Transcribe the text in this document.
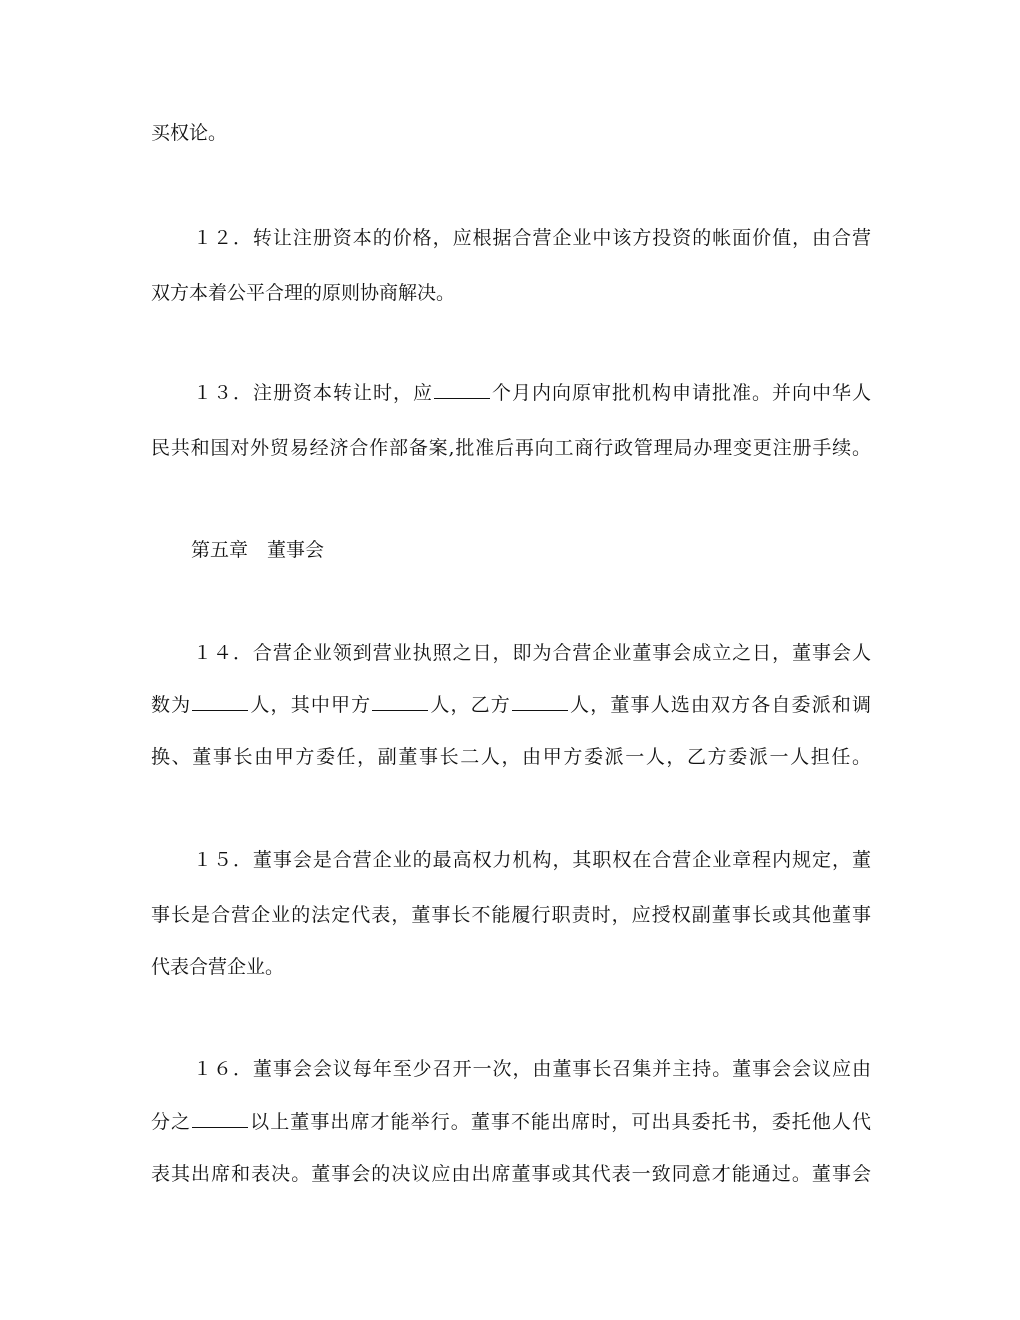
买权论。
１２．转让注册资本的价格，应根据合营企业中该方投资的帐面价值，由合营
双方本着公平合理的原则协商解决。
１３．注册资本转让时，应	个月内向原审批机构申请批准。并向中华人
民共和国对外贸易经济合作部备案,批准后再向工商行政管理局办理变更注册手续。
第五章　董事会
１４．合营企业领到营业执照之日，即为合营企业董事会成立之日，董事会人
数为	人，其中甲方	人，乙方	人，董事人选由双方各自委派和调
换、董事长由甲方委任，副董事长二人，由甲方委派一人，乙方委派一人担任。
１５．董事会是合营企业的最高权力机构，其职权在合营企业章程内规定，董
事长是合营企业的法定代表，董事长不能履行职责时，应授权副董事长或其他董事
代表合营企业。
１６．董事会会议每年至少召开一次，由董事长召集并主持。董事会会议应由
分之	以上董事出席才能举行。董事不能出席时，可出具委托书，委托他人代
表其出席和表决。董事会的决议应由出席董事或其代表一致同意才能通过。董事会
